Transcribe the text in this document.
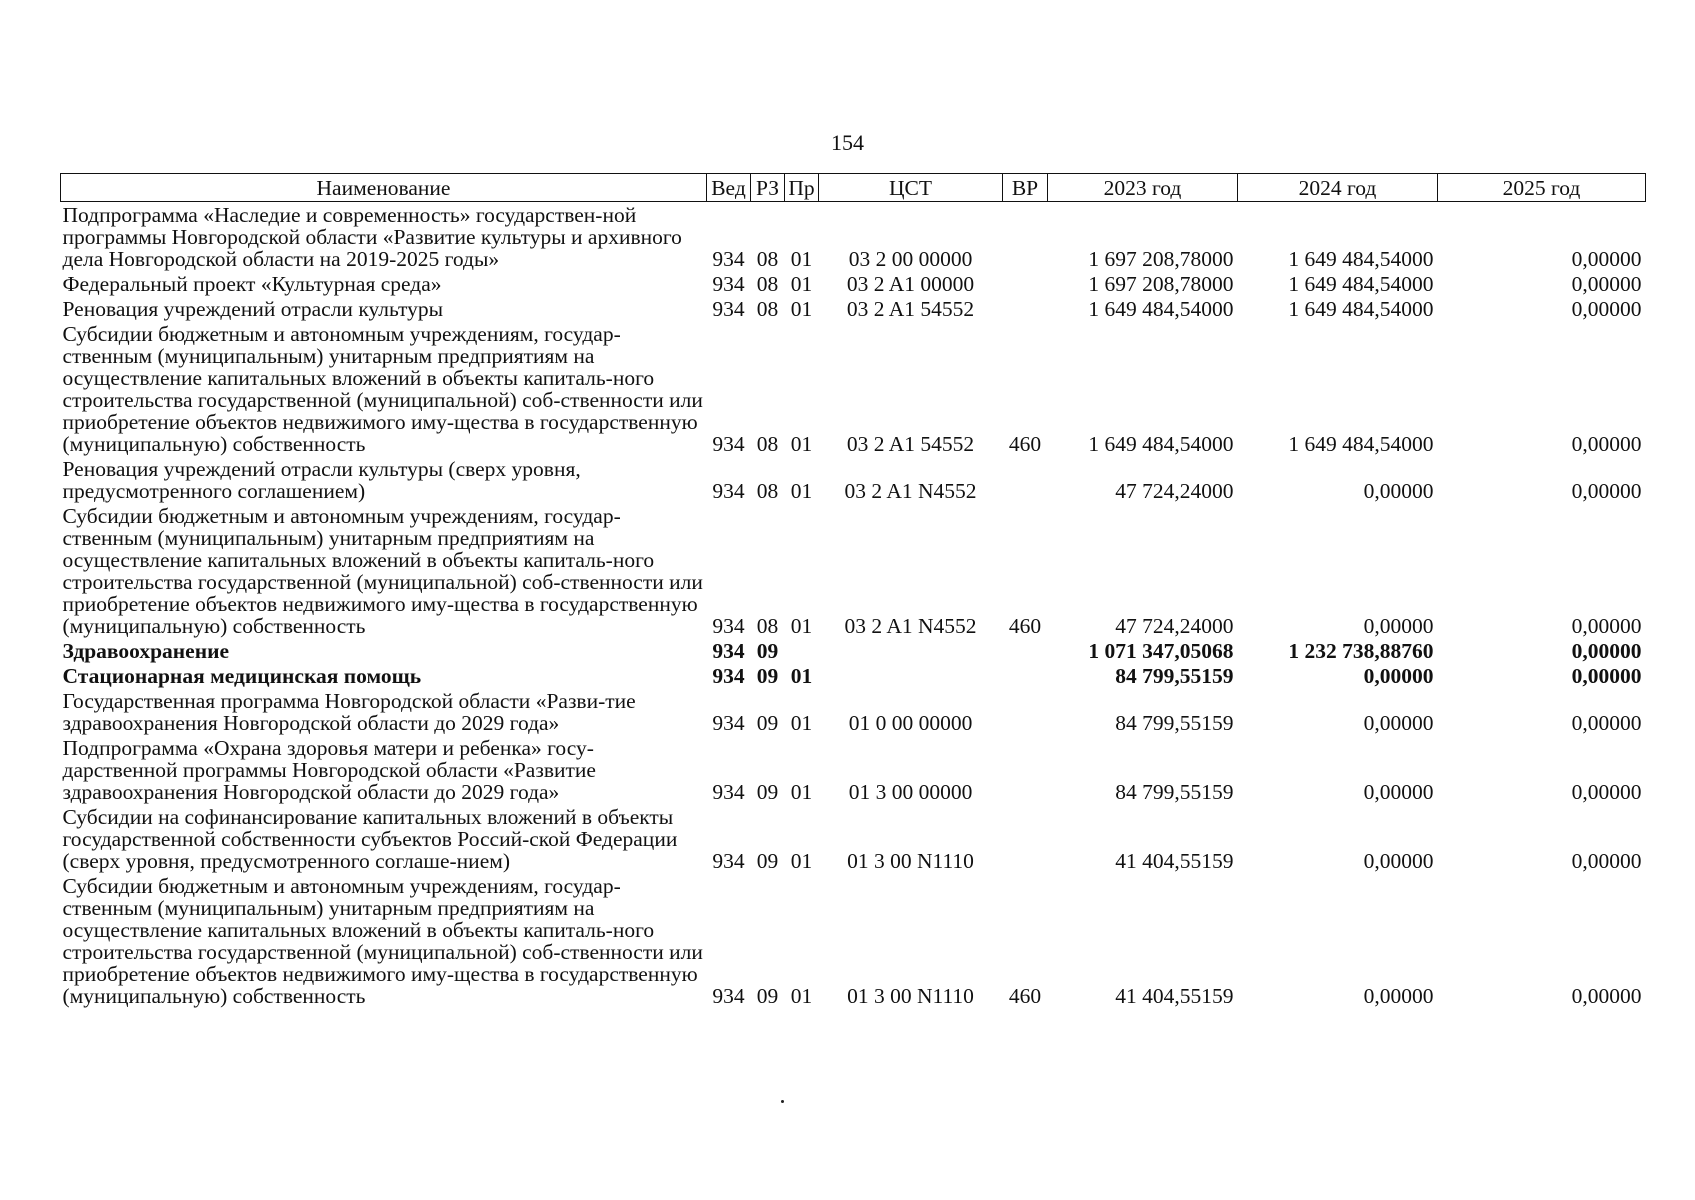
154
Наименование	Вед	РЗ	Пр	ЦСТ	ВР	2023 год	2024 год	2025 год
Подпрограмма «Наследие и современность» государствен-ной программы Новгородской области «Развитие культуры и архивного дела Новгородской области на 2019-2025 годы»	934	08	01	03 2 00 00000		1 697 208,78000	1 649 484,54000	0,00000
Федеральный проект «Культурная среда»	934	08	01	03 2 A1 00000		1 697 208,78000	1 649 484,54000	0,00000
Реновация учреждений отрасли культуры	934	08	01	03 2 A1 54552		1 649 484,54000	1 649 484,54000	0,00000
Субсидии бюджетным и автономным учреждениям, государ-ственным (муниципальным) унитарным предприятиям на осуществление капитальных вложений в объекты капиталь-ного строительства государственной (муниципальной) соб-ственности или приобретение объектов недвижимого иму-щества в государственную (муниципальную) собственность	934	08	01	03 2 A1 54552	460	1 649 484,54000	1 649 484,54000	0,00000
Реновация учреждений отрасли культуры (сверх уровня, предусмотренного соглашением)	934	08	01	03 2 A1 N4552		47 724,24000	0,00000	0,00000
Субсидии бюджетным и автономным учреждениям, государ-ственным (муниципальным) унитарным предприятиям на осуществление капитальных вложений в объекты капиталь-ного строительства государственной (муниципальной) соб-ственности или приобретение объектов недвижимого иму-щества в государственную (муниципальную) собственность	934	08	01	03 2 A1 N4552	460	47 724,24000	0,00000	0,00000
Здравоохранение	934	09				1 071 347,05068	1 232 738,88760	0,00000
Стационарная медицинская помощь	934	09	01			84 799,55159	0,00000	0,00000
Государственная программа Новгородской области «Разви-тие здравоохранения Новгородской области до 2029 года»	934	09	01	01 0 00 00000		84 799,55159	0,00000	0,00000
Подпрограмма «Охрана здоровья матери и ребенка» госу-дарственной программы Новгородской области «Развитие здравоохранения Новгородской области до 2029 года»	934	09	01	01 3 00 00000		84 799,55159	0,00000	0,00000
Субсидии на софинансирование капитальных вложений в объекты государственной собственности субъектов Россий-ской Федерации (сверх уровня, предусмотренного соглаше-нием)	934	09	01	01 3 00 N1110		41 404,55159	0,00000	0,00000
Субсидии бюджетным и автономным учреждениям, государ-ственным (муниципальным) унитарным предприятиям на осуществление капитальных вложений в объекты капиталь-ного строительства государственной (муниципальной) соб-ственности или приобретение объектов недвижимого иму-щества в государственную (муниципальную) собственность	934	09	01	01 3 00 N1110	460	41 404,55159	0,00000	0,00000
